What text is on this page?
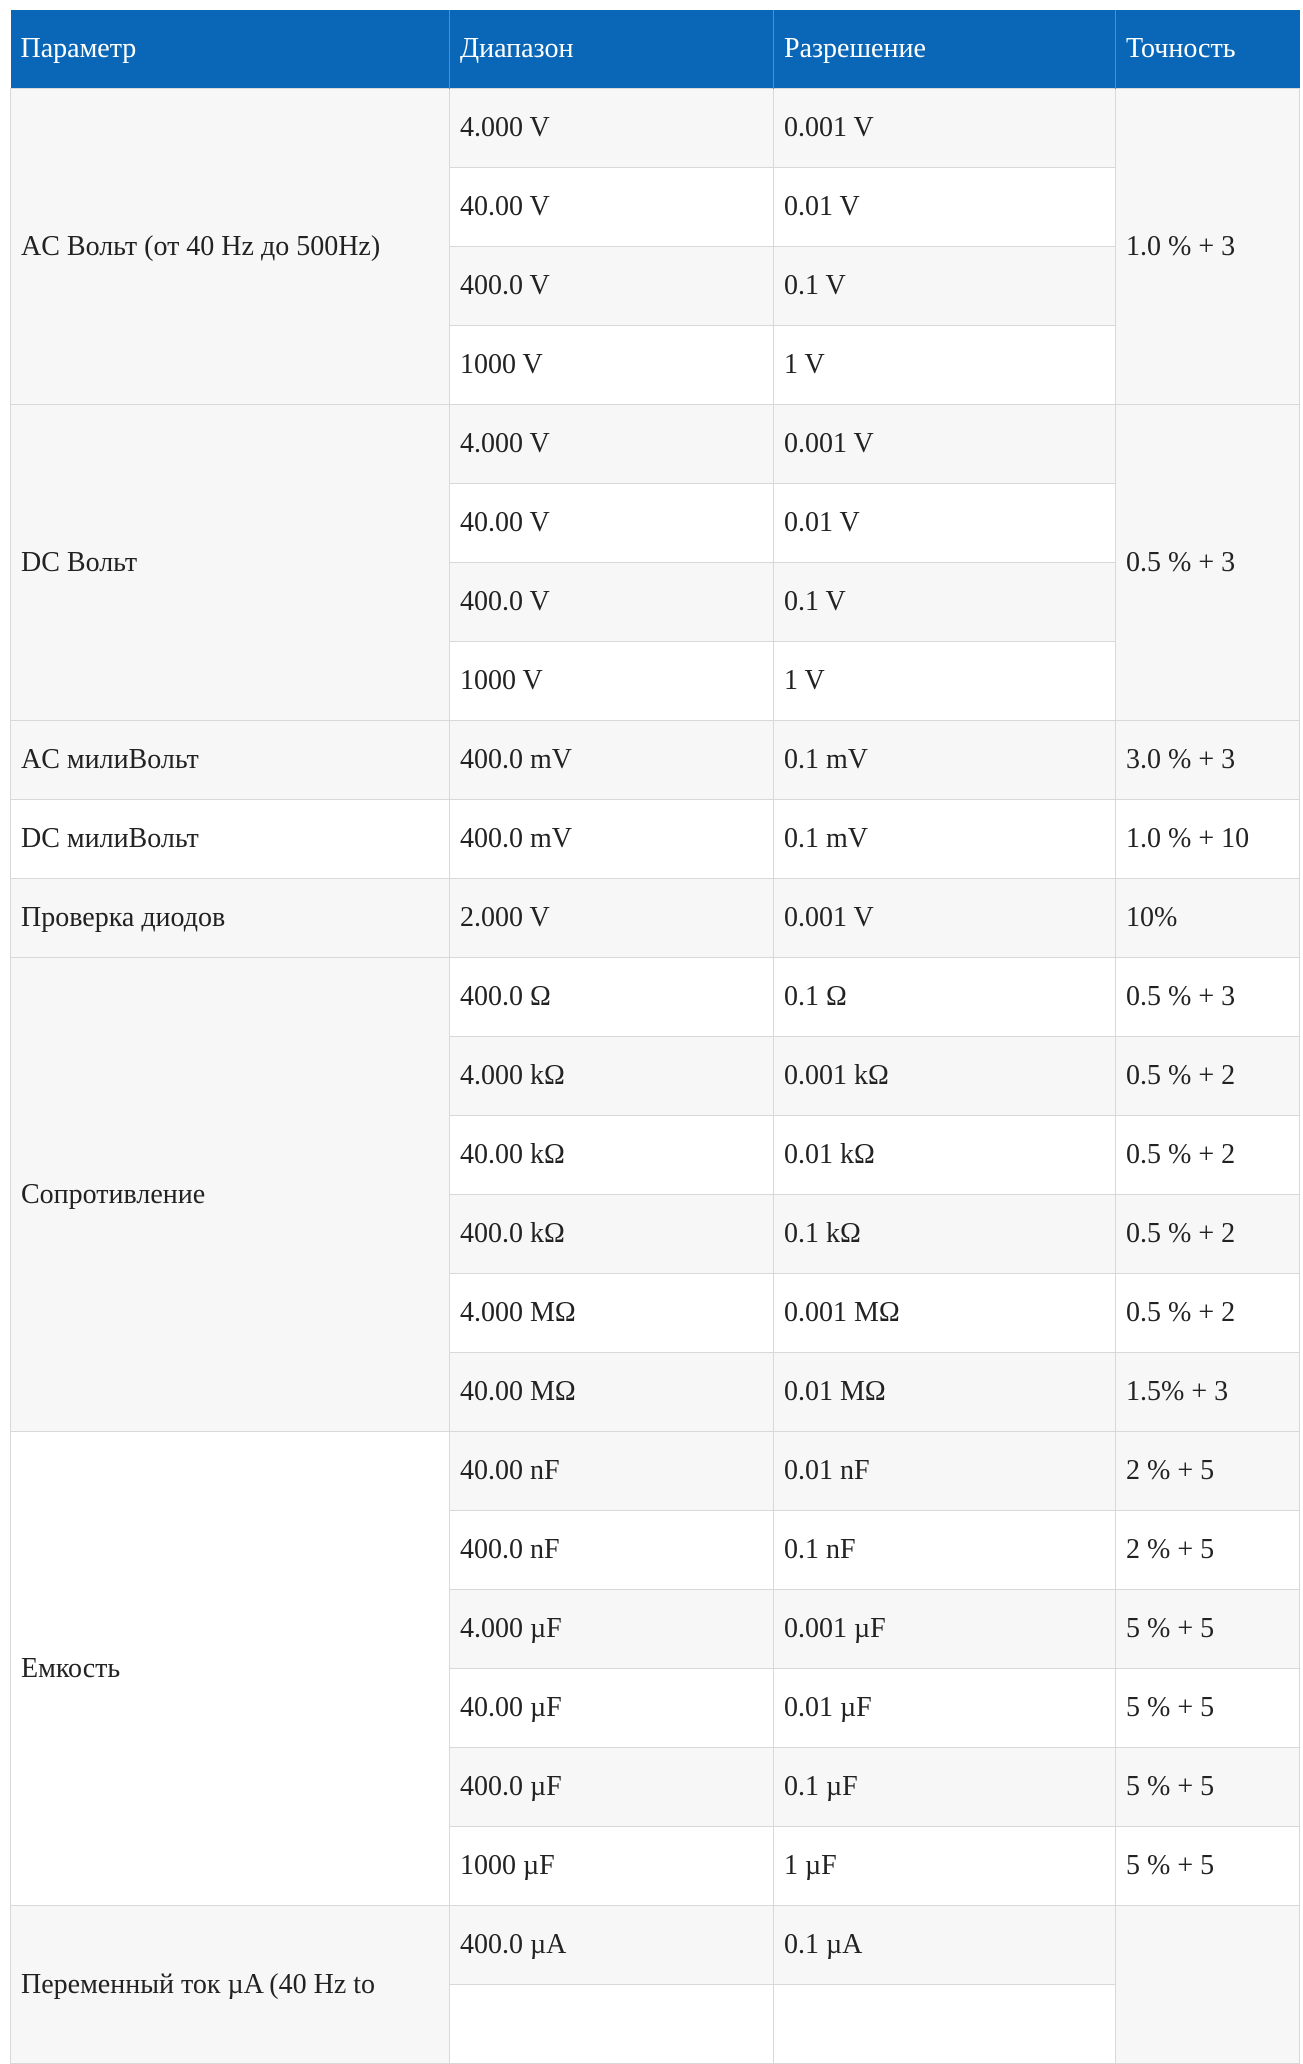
Параметр	Диапазон	Разрешение	Точность
AC Вольт (от 40 Hz до 500Hz)	4.000 V	0.001 V	1.0 % + 3
	40.00 V	0.01 V	
	400.0 V	0.1 V	
	1000 V	1 V	
DC Вольт	4.000 V	0.001 V	0.5 % + 3
	40.00 V	0.01 V	
	400.0 V	0.1 V	
	1000 V	1 V	
AC милиВольт	400.0 mV	0.1 mV	3.0 % + 3
DC милиВольт	400.0 mV	0.1 mV	1.0 % + 10
Проверка диодов	2.000 V	0.001 V	10%
Сопротивление	400.0 Ω	0.1 Ω	0.5 % + 3
	4.000 kΩ	0.001 kΩ	0.5 % + 2
	40.00 kΩ	0.01 kΩ	0.5 % + 2
	400.0 kΩ	0.1 kΩ	0.5 % + 2
	4.000 MΩ	0.001 MΩ	0.5 % + 2
	40.00 MΩ	0.01 MΩ	1.5% + 3
Емкость	40.00 nF	0.01 nF	2 % + 5
	400.0 nF	0.1 nF	2 % + 5
	4.000 µF	0.001 µF	5 % + 5
	40.00 µF	0.01 µF	5 % + 5
	400.0 µF	0.1 µF	5 % + 5
	1000 µF	1 µF	5 % + 5
Переменный ток µA (40 Hz to	400.0 µA	0.1 µA	
